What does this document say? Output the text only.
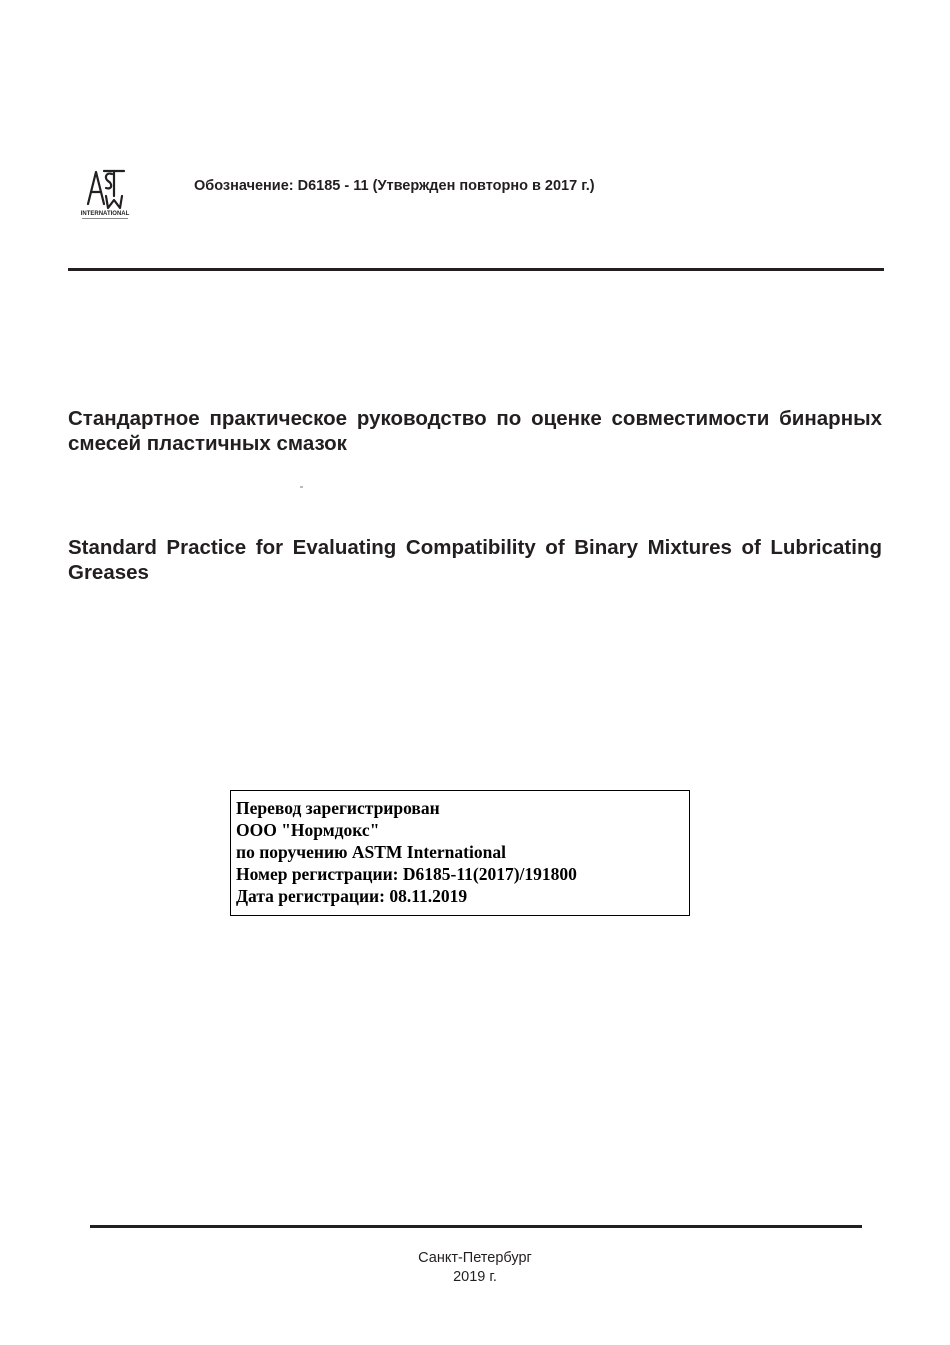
INTERNATIONAL
Обозначение: D6185 - 11 (Утвержден повторно в 2017 г.)
Стандартное практическое руководство по оценке совместимости бинарных смесей пластичных смазок
Standard Practice for Evaluating Compatibility of Binary Mixtures of Lubricating Greases
Перевод зарегистрирован
ООО "Нормдокс"
по поручению ASTM International
Номер регистрации: D6185-11(2017)/191800
Дата регистрации: 08.11.2019
Санкт-Петербург
2019 г.
